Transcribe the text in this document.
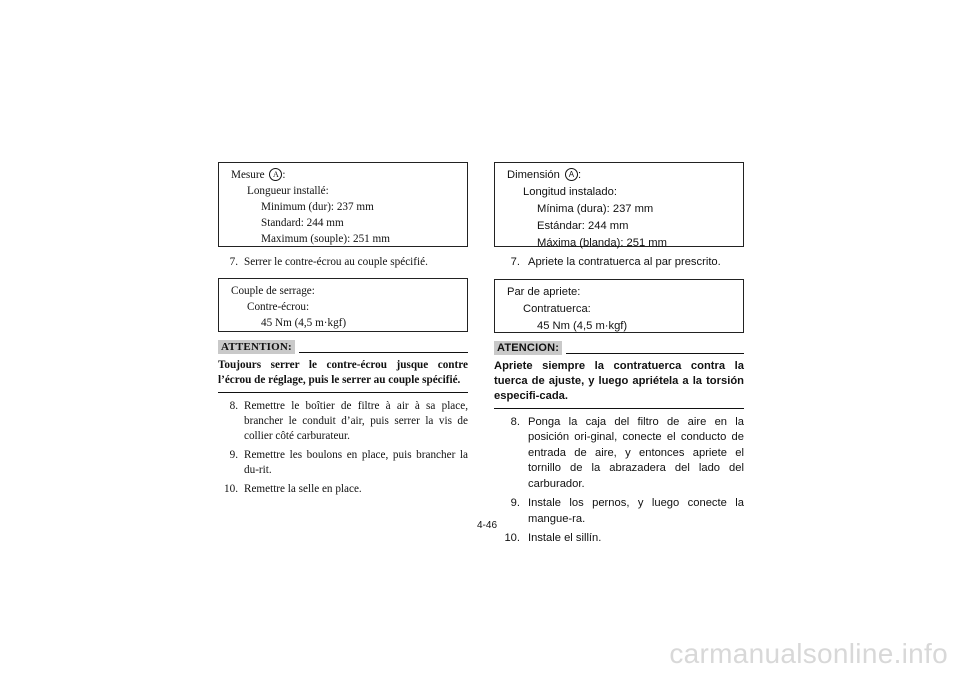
Mesure A :
Longueur installé:
Minimum (dur): 237 mm
Standard: 244 mm
Maximum (souple): 251 mm
7. Serrer le contre-écrou au couple spécifié.
Couple de serrage:
Contre-écrou:
45 Nm (4,5 m·kgf)
ATTENTION:
Toujours serrer le contre-écrou jusque contre l’écrou de réglage, puis le serrer au couple spécifié.
8. Remettre le boîtier de filtre à air à sa place, brancher le conduit d’air, puis serrer la vis de collier côté carburateur.
9. Remettre les boulons en place, puis brancher la du-rit.
10. Remettre la selle en place.
Dimensión A :
Longitud instalado:
Mínima (dura): 237 mm
Estándar: 244 mm
Máxima (blanda): 251 mm
7. Apriete la contratuerca al par prescrito.
Par de apriete:
Contratuerca:
45 Nm (4,5 m·kgf)
ATENCION:
Apriete siempre la contratuerca contra la tuerca de ajuste, y luego apriételа a la torsión especifi-cada.
8. Ponga la caja del filtro de aire en la posición ori-ginal, conecte el conducto de entrada de aire, y entonces apriete el tornillo de la abrazadera del lado del carburador.
9. Instale los pernos, y luego conecte la mangue-ra.
10. Instale el sillín.
4-46
carmanualsonline.info
